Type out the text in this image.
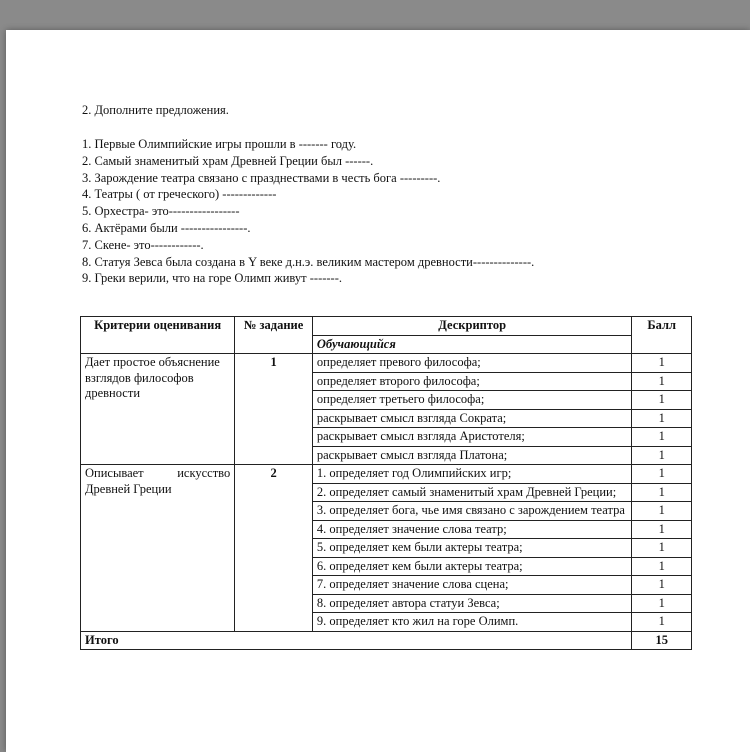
2. Дополните предложения.
1. Первые Олимпийские игры прошли в ------- году.
2. Самый знаменитый храм Древней Греции был ------.
3. Зарождение театра связано с празднествами в честь бога ---------.
4. Театры ( от греческого) -------------
5. Орхестра- это-----------------
6. Актёрами были ----------------.
7. Скене- это------------.
8. Статуя Зевса была создана в Y веке д.н.э. великим мастером древности--------------.
9. Греки верили, что на горе Олимп живут -------.
Критерии оценивания	№ задание	Дескриптор	Балл
		Обучающийся	
Дает простое объяснение взглядов философов древности	1	определяет превого философа;	1
		определяет второго философа;	1
		определяет третьего философа;	1
		раскрывает смысл взгляда Сократа;	1
		раскрывает смысл взгляда Аристотеля;	1
		раскрывает смысл взгляда Платона;	1
Описывает искусство Древней Греции	2	1. определяет год Олимпийских игр;	1
		2. определяет самый знаменитый храм Древней Греции;	1
		3. определяет бога, чье имя связано с зарождением театра	1
		4. определяет значение слова театр;	1
		5. определяет кем были актеры театра;	1
		6. определяет кем были актеры театра;	1
		7. определяет значение слова сцена;	1
		8. определяет автора статуи Зевса;	1
		9. определяет кто жил на горе Олимп.	1
Итого			15
